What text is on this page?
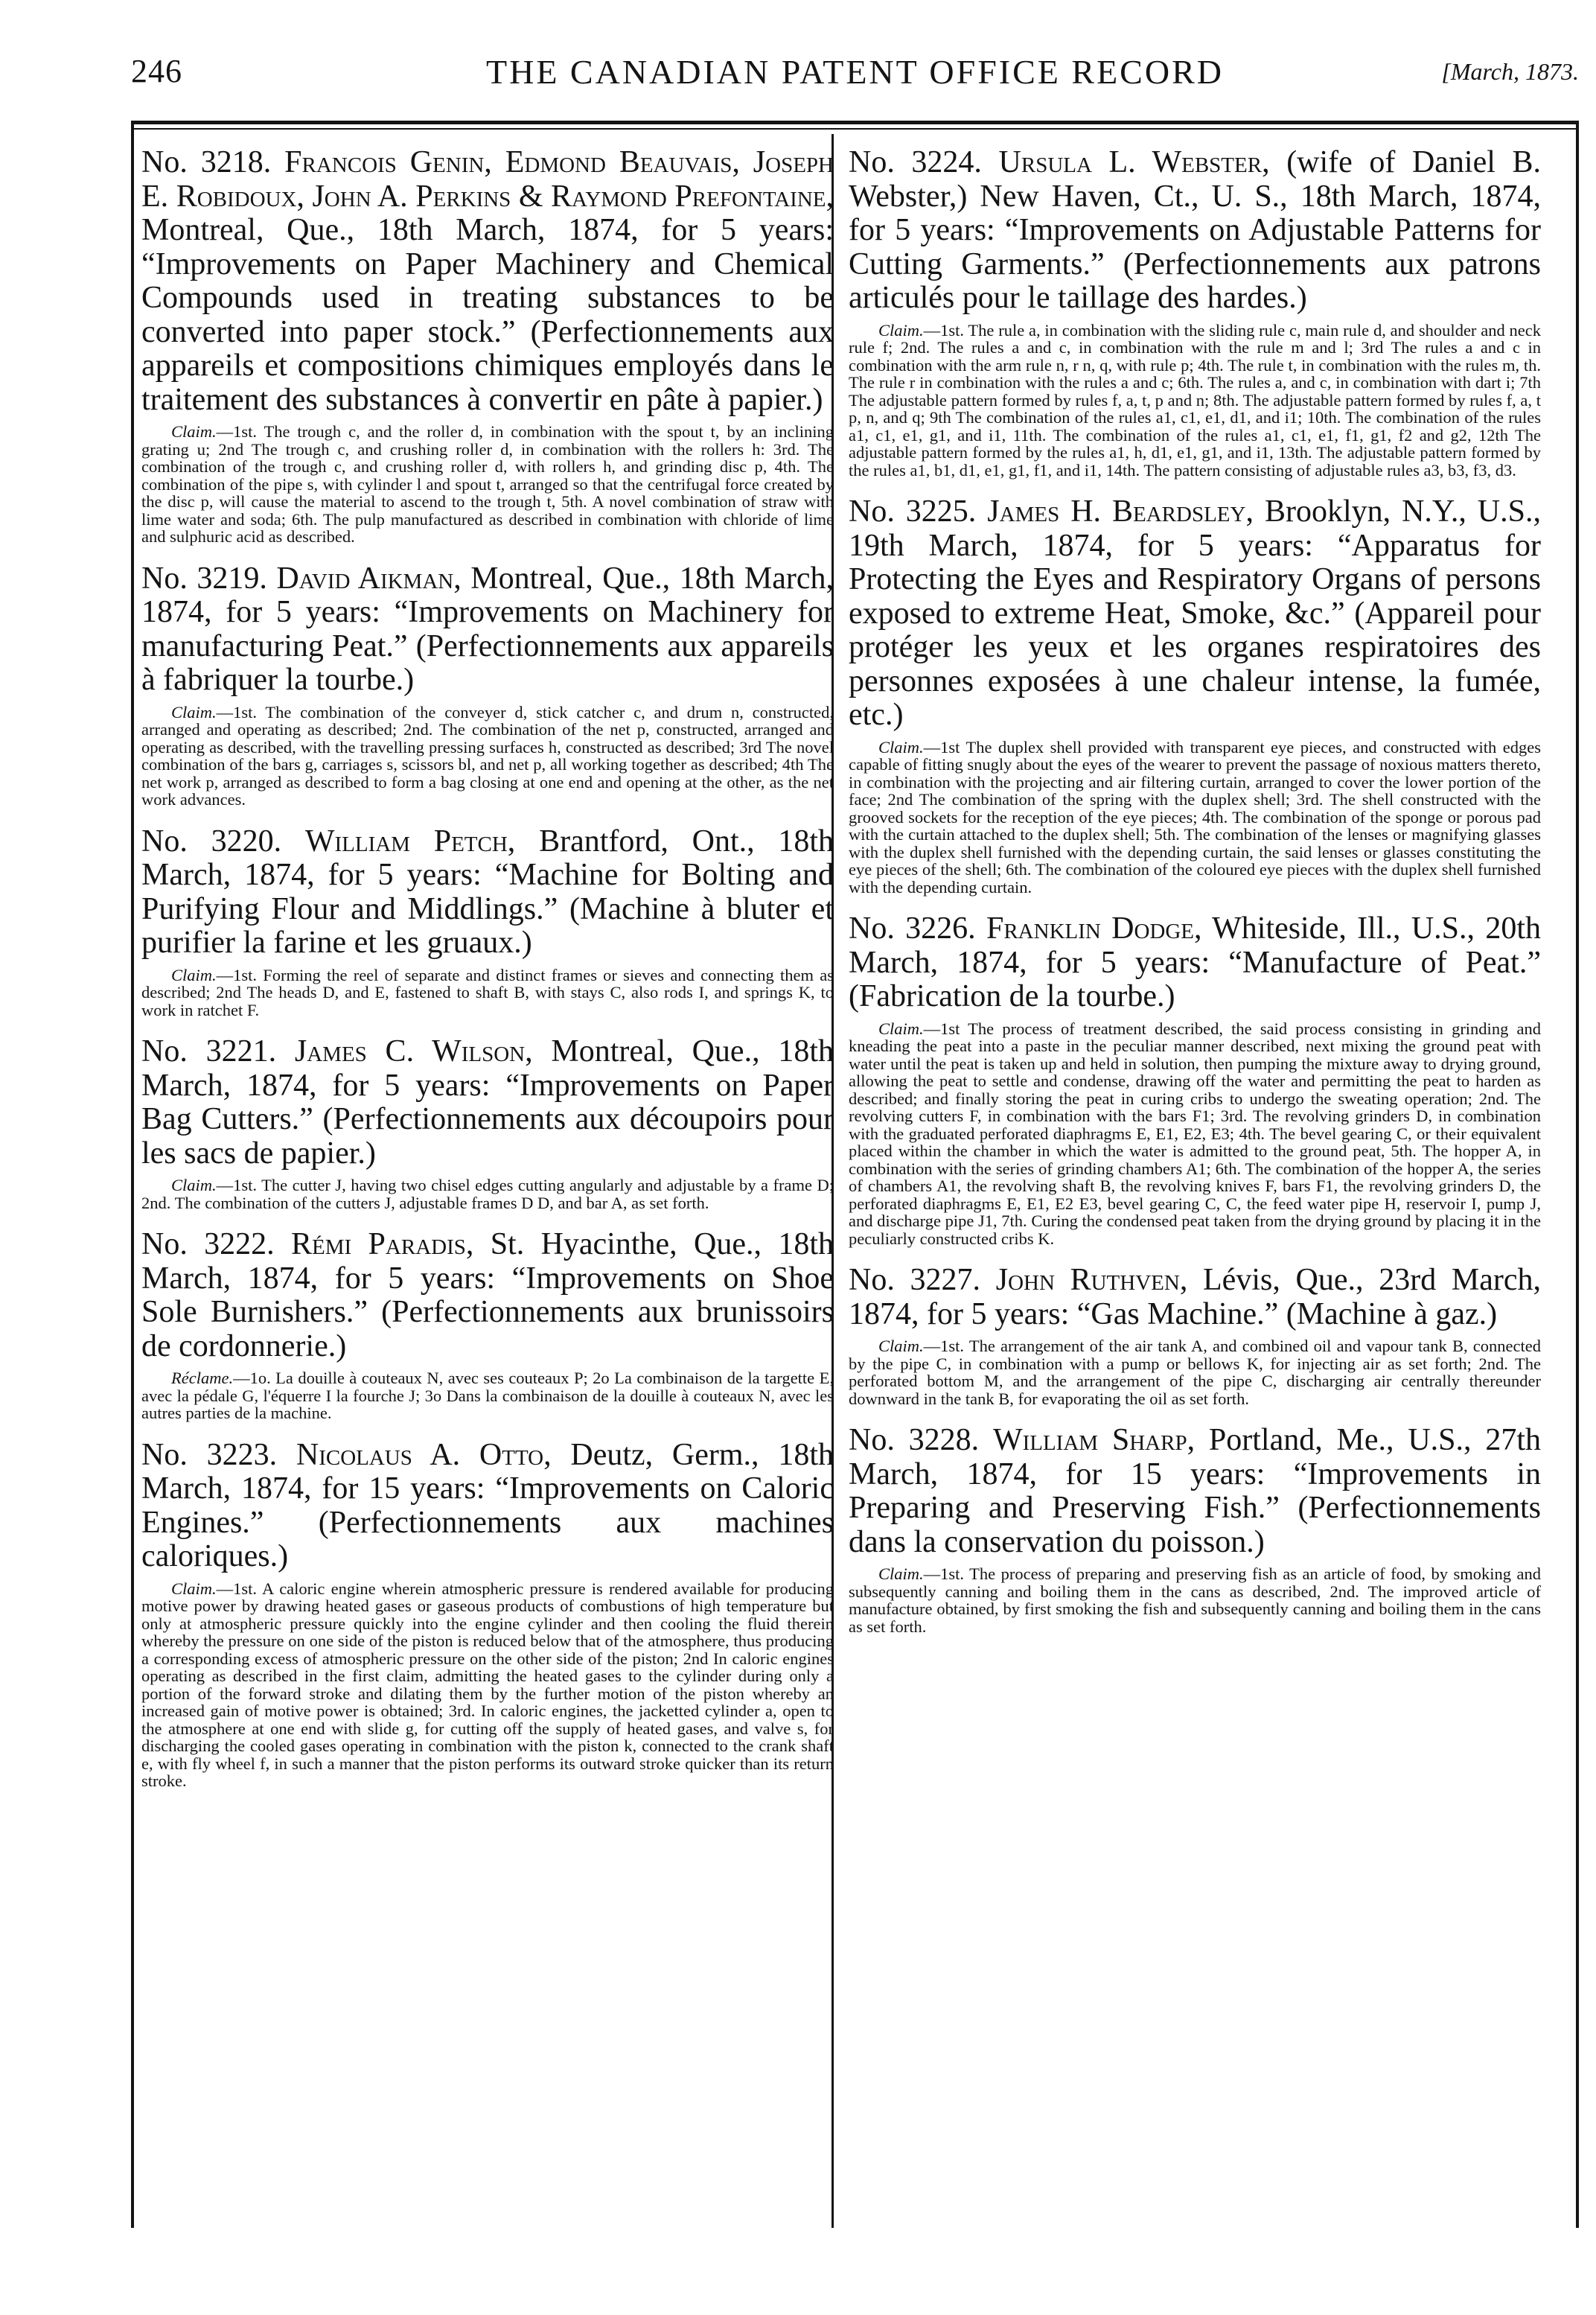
246	THE CANADIAN PATENT OFFICE RECORD	[March, 1873.

No. 3218. Francois Genin, Edmond Beauvais, Joseph E. Robidoux, John A. Perkins & Raymond Prefontaine, Montreal, Que., 18th March, 1874, for 5 years: “Improvements on Paper Machinery and Chemical Compounds used in treating substances to be converted into paper stock.” (Perfectionnements aux appareils et compositions chimiques employés dans le traitement des substances à convertir en pâte à papier.)

Claim.—1st. The trough c, and the roller d, in combination with the spout t, by an inclining grating u; 2nd The trough c, and crushing roller d, in combination with the rollers h: 3rd. The combination of the trough c, and crushing roller d, with rollers h, and grinding disc p, 4th. The combination of the pipe s, with cylinder l and spout t, arranged so that the centrifugal force created by the disc p, will cause the material to ascend to the trough t, 5th. A novel combination of straw with lime water and soda; 6th. The pulp manufactured as described in combination with chloride of lime and sulphuric acid as described.

No. 3219. David Aikman, Montreal, Que., 18th March, 1874, for 5 years: “Improvements on Machinery for manufacturing Peat.” (Perfectionnements aux appareils à fabriquer la tourbe.)

Claim.—1st. The combination of the conveyer d, stick catcher c, and drum n, constructed, arranged and operating as described; 2nd. The combination of the net p, constructed, arranged and operating as described, with the travelling pressing surfaces h, constructed as described; 3rd The novel combination of the bars g, carriages s, scissors bl, and net p, all working together as described; 4th The net work p, arranged as described to form a bag closing at one end and opening at the other, as the net work advances.

No. 3220. William Petch, Brantford, Ont., 18th March, 1874, for 5 years: “Machine for Bolting and Purifying Flour and Middlings.” (Machine à bluter et purifier la farine et les gruaux.)

Claim.—1st. Forming the reel of separate and distinct frames or sieves and connecting them as described; 2nd The heads D, and E, fastened to shaft B, with stays C, also rods I, and springs K, to work in ratchet F.

No. 3221. James C. Wilson, Montreal, Que., 18th March, 1874, for 5 years: “Improvements on Paper Bag Cutters.” (Perfectionnements aux découpoirs pour les sacs de papier.)

Claim.—1st. The cutter J, having two chisel edges cutting angularly and adjustable by a frame D; 2nd. The combination of the cutters J, adjustable frames D D, and bar A, as set forth.

No. 3222. Rémi Paradis, St. Hyacinthe, Que., 18th March, 1874, for 5 years: “Improvements on Shoe Sole Burnishers.” (Perfectionnements aux brunissoirs de cordonnerie.)

Réclame.—1o. La douille à couteaux N, avec ses couteaux P; 2o La combinaison de la targette E, avec la pédale G, l'équerre I la fourche J; 3o Dans la combinaison de la douille à couteaux N, avec les autres parties de la machine.

No. 3223. Nicolaus A. Otto, Deutz, Germ., 18th March, 1874, for 15 years: “Improvements on Caloric Engines.” (Perfectionnements aux machines caloriques.)

Claim.—1st. A caloric engine wherein atmospheric pressure is rendered available for producing motive power by drawing heated gases or gaseous products of combustions of high temperature but only at atmospheric pressure quickly into the engine cylinder and then cooling the fluid therein whereby the pressure on one side of the piston is reduced below that of the atmosphere, thus producing a corresponding excess of atmospheric pressure on the other side of the piston; 2nd In caloric engines operating as described in the first claim, admitting the heated gases to the cylinder during only a portion of the forward stroke and dilating them by the further motion of the piston whereby an increased gain of motive power is obtained; 3rd. In caloric engines, the jacketted cylinder a, open to the atmosphere at one end with slide g, for cutting off the supply of heated gases, and valve s, for discharging the cooled gases operating in combination with the piston k, connected to the crank shaft e, with fly wheel f, in such a manner that the piston performs its outward stroke quicker than its return stroke.

No. 3224. Ursula L. Webster, (wife of Daniel B. Webster,) New Haven, Ct., U. S., 18th March, 1874, for 5 years: “Improvements on Adjustable Patterns for Cutting Garments.” (Perfectionnements aux patrons articulés pour le taillage des hardes.)

Claim.—1st. The rule a, in combination with the sliding rule c, main rule d, and shoulder and neck rule f; 2nd. The rules a and c, in combination with the rule m and l; 3rd The rules a and c in combination with the arm rule n, r n, q, with rule p; 4th. The rule t, in combination with the rules m, th. The rule r in combination with the rules a and c; 6th. The rules a, and c, in combination with dart i; 7th The adjustable pattern formed by rules f, a, t, p and n; 8th. The adjustable pattern formed by rules f, a, t p, n, and q; 9th The combination of the rules a1, c1, e1, d1, and i1; 10th. The combination of the rules a1, c1, e1, g1, and i1, 11th. The combination of the rules a1, c1, e1, f1, g1, f2 and g2, 12th The adjustable pattern formed by the rules a1, h, d1, e1, g1, and i1, 13th. The adjustable pattern formed by the rules a1, b1, d1, e1, g1, f1, and i1, 14th. The pattern consisting of adjustable rules a3, b3, f3, d3.

No. 3225. James H. Beardsley, Brooklyn, N.Y., U.S., 19th March, 1874, for 5 years: “Apparatus for Protecting the Eyes and Respiratory Organs of persons exposed to extreme Heat, Smoke, &c.” (Appareil pour protéger les yeux et les organes respiratoires des personnes exposées à une chaleur intense, la fumée, etc.)

Claim.—1st The duplex shell provided with transparent eye pieces, and constructed with edges capable of fitting snugly about the eyes of the wearer to prevent the passage of noxious matters thereto, in combination with the projecting and air filtering curtain, arranged to cover the lower portion of the face; 2nd The combination of the spring with the duplex shell; 3rd. The shell constructed with the grooved sockets for the reception of the eye pieces; 4th. The combination of the sponge or porous pad with the curtain attached to the duplex shell; 5th. The combination of the lenses or magnifying glasses with the duplex shell furnished with the depending curtain, the said lenses or glasses constituting the eye pieces of the shell; 6th. The combination of the coloured eye pieces with the duplex shell furnished with the depending curtain.

No. 3226. Franklin Dodge, Whiteside, Ill., U.S., 20th March, 1874, for 5 years: “Manufacture of Peat.” (Fabrication de la tourbe.)

Claim.—1st The process of treatment described, the said process consisting in grinding and kneading the peat into a paste in the peculiar manner described, next mixing the ground peat with water until the peat is taken up and held in solution, then pumping the mixture away to drying ground, allowing the peat to settle and condense, drawing off the water and permitting the peat to harden as described; and finally storing the peat in curing cribs to undergo the sweating operation; 2nd. The revolving cutters F, in combination with the bars F1; 3rd. The revolving grinders D, in combination with the graduated perforated diaphragms E, E1, E2, E3; 4th. The bevel gearing C, or their equivalent placed within the chamber in which the water is admitted to the ground peat, 5th. The hopper A, in combination with the series of grinding chambers A1; 6th. The combination of the hopper A, the series of chambers A1, the revolving shaft B, the revolving knives F, bars F1, the revolving grinders D, the perforated diaphragms E, E1, E2 E3, bevel gearing C, C, the feed water pipe H, reservoir I, pump J, and discharge pipe J1, 7th. Curing the condensed peat taken from the drying ground by placing it in the peculiarly constructed cribs K.

No. 3227. John Ruthven, Lévis, Que., 23rd March, 1874, for 5 years: “Gas Machine.” (Machine à gaz.)

Claim.—1st. The arrangement of the air tank A, and combined oil and vapour tank B, connected by the pipe C, in combination with a pump or bellows K, for injecting air as set forth; 2nd. The perforated bottom M, and the arrangement of the pipe C, discharging air centrally thereunder downward in the tank B, for evaporating the oil as set forth.

No. 3228. William Sharp, Portland, Me., U.S., 27th March, 1874, for 15 years: “Improvements in Preparing and Preserving Fish.” (Perfectionnements dans la conservation du poisson.)

Claim.—1st. The process of preparing and preserving fish as an article of food, by smoking and subsequently canning and boiling them in the cans as described, 2nd. The improved article of manufacture obtained, by first smoking the fish and subsequently canning and boiling them in the cans as set forth.
